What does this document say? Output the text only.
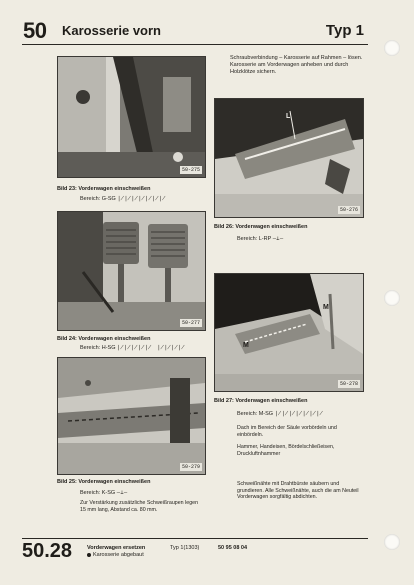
50 Karosserie vorn	Typ 1
50-275
Schraubverbindung – Karosserie auf Rahmen – lösen. Karosserie am Vorderwagen anheben und durch Holzklötze sichern.
L
50-276
Bild 23: Vorderwagen einschweißen
Bereich: G-SG ∤∤∤∤∤∤∤
Bild 26: Vorderwagen einschweißen
Bereich: L-RP –⊥–
50-277
M
M
50-278
Bild 24: Vorderwagen einschweißen
Bereich: H-SG ∤∤∤∤∤ ∤∤∤∤
50-279
Bild 27: Vorderwagen einschweißen
Bereich: M-SG ∤∤∤∤∤∤∤
Dach im Bereich der Säule vorbördeln und einbördeln.
Hammer, Handeisen, Bördelschließeisen, Druckluftnhammer
Bild 25: Vorderwagen einschweißen
Bereich: K-SG –⊥–
Zur Verstärkung zusätzliche Schweißraupen legen 15 mm lang, Abstand ca. 80 mm.
Schweißnähte mit Drahtbürste säubern und grundieren. Alle Schweißnähte, auch die am Neuteil Vorderwagen sorgfältig abdichten.
50.28	Vorderwagen ersetzen
Karosserie abgebaut
Typ 1(1303)	50 95 08 04
